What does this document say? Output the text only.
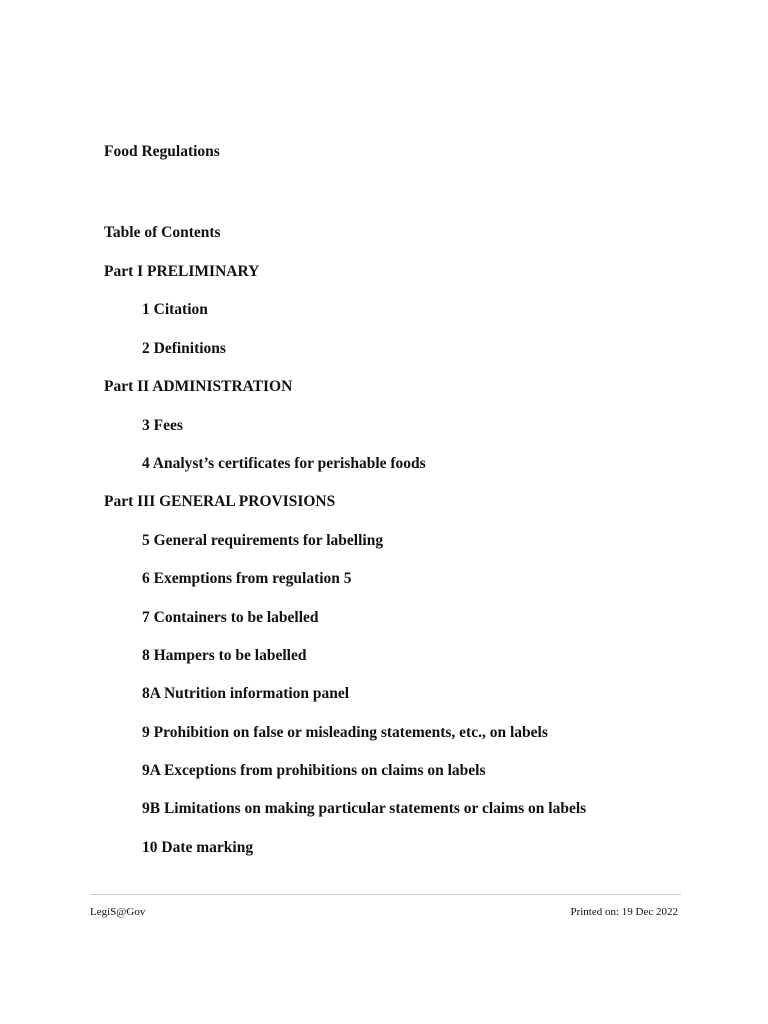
Food Regulations
Table of Contents
Part I PRELIMINARY
1 Citation
2 Definitions
Part II ADMINISTRATION
3 Fees
4 Analyst’s certificates for perishable foods
Part III GENERAL PROVISIONS
5 General requirements for labelling
6 Exemptions from regulation 5
7 Containers to be labelled
8 Hampers to be labelled
8A Nutrition information panel
9 Prohibition on false or misleading statements, etc., on labels
9A Exceptions from prohibitions on claims on labels
9B Limitations on making particular statements or claims on labels
10 Date marking
LegiS@Gov	Printed on: 19 Dec 2022
